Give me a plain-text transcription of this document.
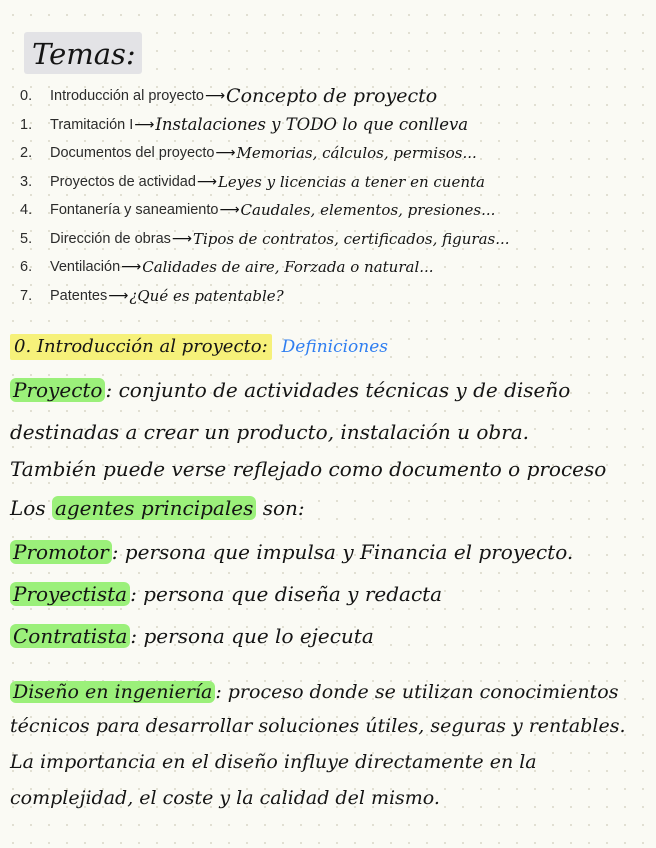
Temas:
0.	Introducción al proyecto ⟶ Concepto de proyecto
1.	Tramitación I ⟶ Instalaciones y TODO lo que conlleva
2.	Documentos del proyecto ⟶ Memorias, cálculos, permisos...
3.	Proyectos de actividad ⟶ Leyes y licencias a tener en cuenta
4.	Fontanería y saneamiento ⟶ Caudales, elementos, presiones...
5.	Dirección de obras ⟶ Tipos de contratos, certificados, figuras...
6.	Ventilación ⟶ Calidades de aire, Forzada o natural...
7.	Patentes ⟶ ¿Qué es patentable?
0. Introducción al proyecto: Definiciones
Proyecto : conjunto de actividades técnicas y de diseño
destinadas a crear un producto, instalación u obra.
También puede verse reflejado como documento o proceso
Los agentes principales son:
Promotor : persona que impulsa y Financia el proyecto.
Proyectista : persona que diseña y redacta
Contratista : persona que lo ejecuta
Diseño en ingeniería : proceso donde se utilizan conocimientos
técnicos para desarrollar soluciones útiles, seguras y rentables.
La importancia en el diseño influye directamente en la
complejidad, el coste y la calidad del mismo.
